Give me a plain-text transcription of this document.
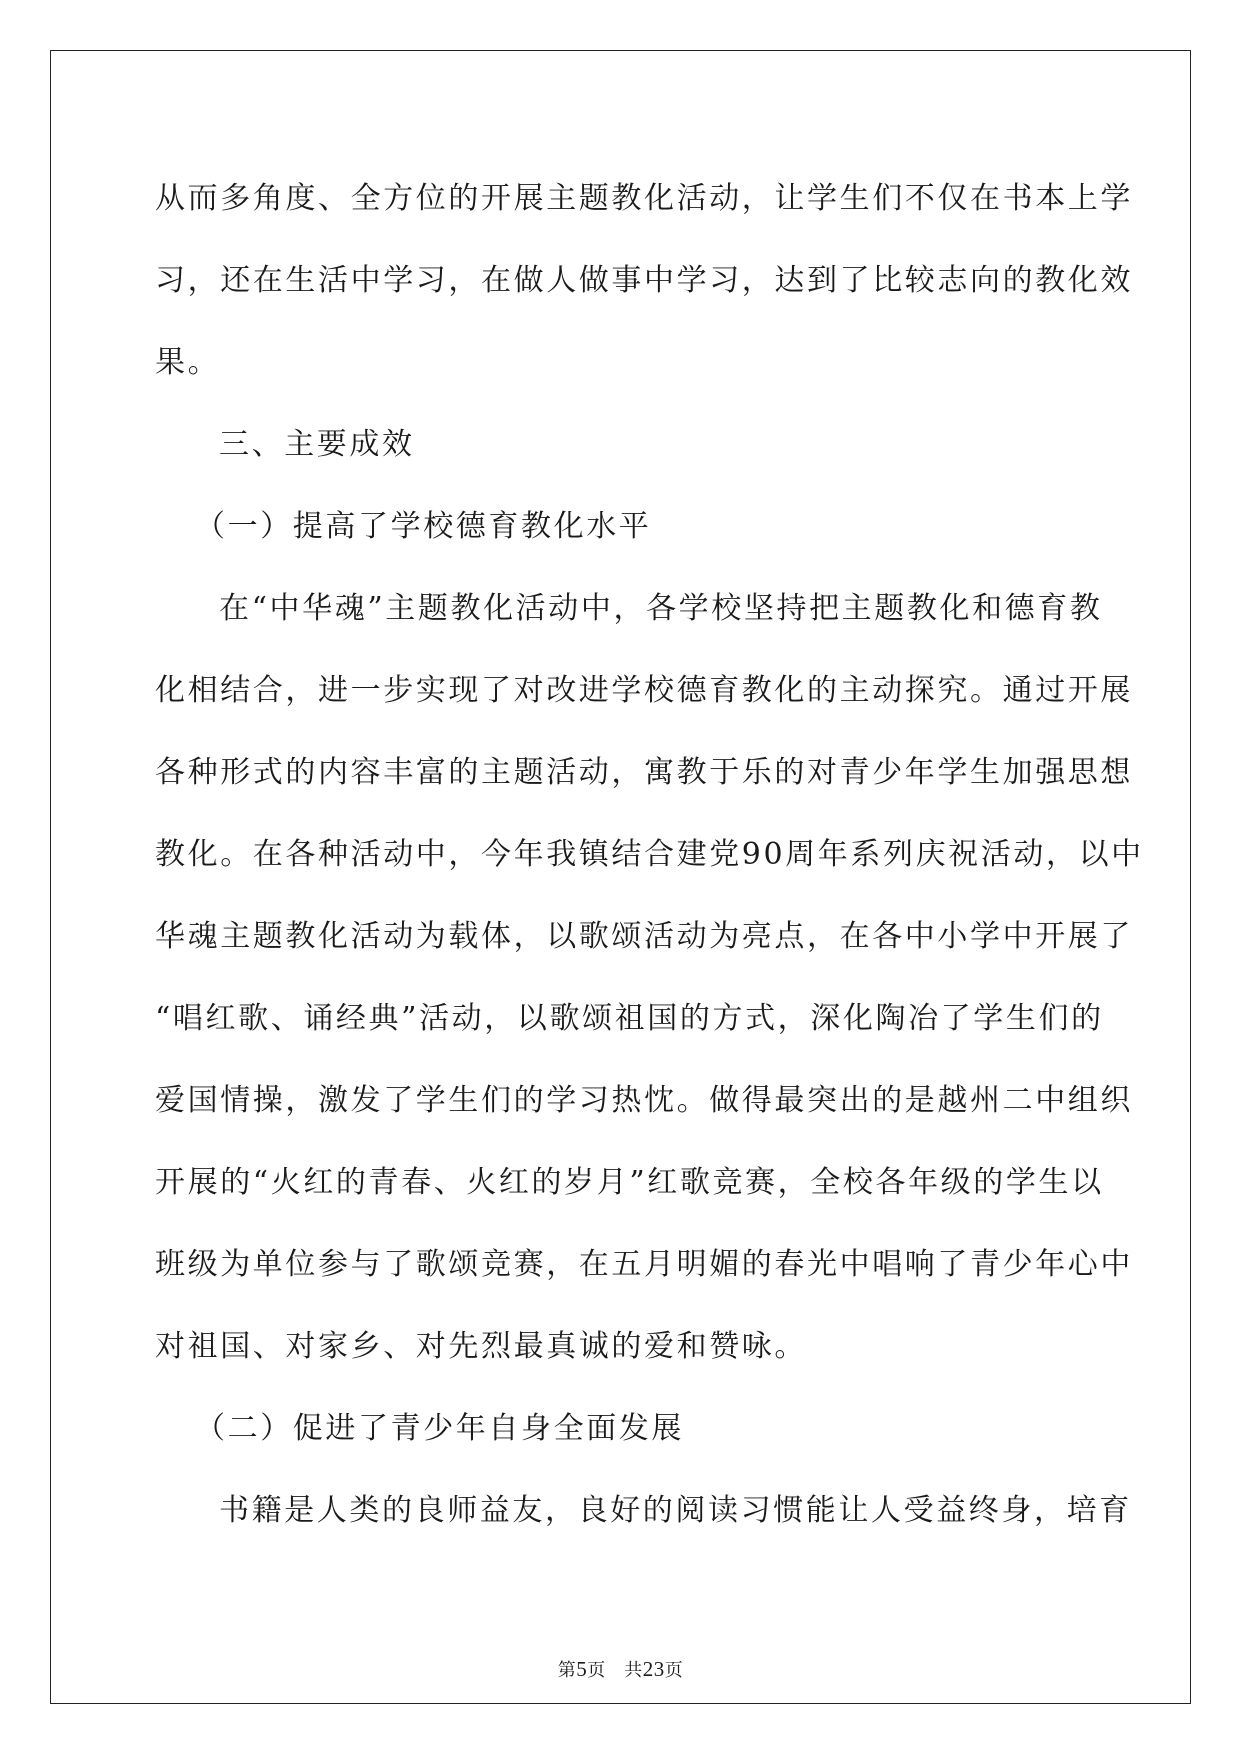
从而多角度、全方位的开展主题教化活动，让学生们不仅在书本上学

习，还在生活中学习，在做人做事中学习，达到了比较志向的教化效

果。

三、主要成效

（一）提高了学校德育教化水平

在“中华魂”主题教化活动中，各学校坚持把主题教化和德育教

化相结合，进一步实现了对改进学校德育教化的主动探究。通过开展

各种形式的内容丰富的主题活动，寓教于乐的对青少年学生加强思想

教化。在各种活动中，今年我镇结合建党90周年系列庆祝活动，以中

华魂主题教化活动为载体，以歌颂活动为亮点，在各中小学中开展了

“唱红歌、诵经典”活动，以歌颂祖国的方式，深化陶冶了学生们的

爱国情操，激发了学生们的学习热忱。做得最突出的是越州二中组织

开展的“火红的青春、火红的岁月”红歌竞赛，全校各年级的学生以

班级为单位参与了歌颂竞赛，在五月明媚的春光中唱响了青少年心中

对祖国、对家乡、对先烈最真诚的爱和赞咏。

（二）促进了青少年自身全面发展

书籍是人类的良师益友，良好的阅读习惯能让人受益终身，培育

第5页　共23页
